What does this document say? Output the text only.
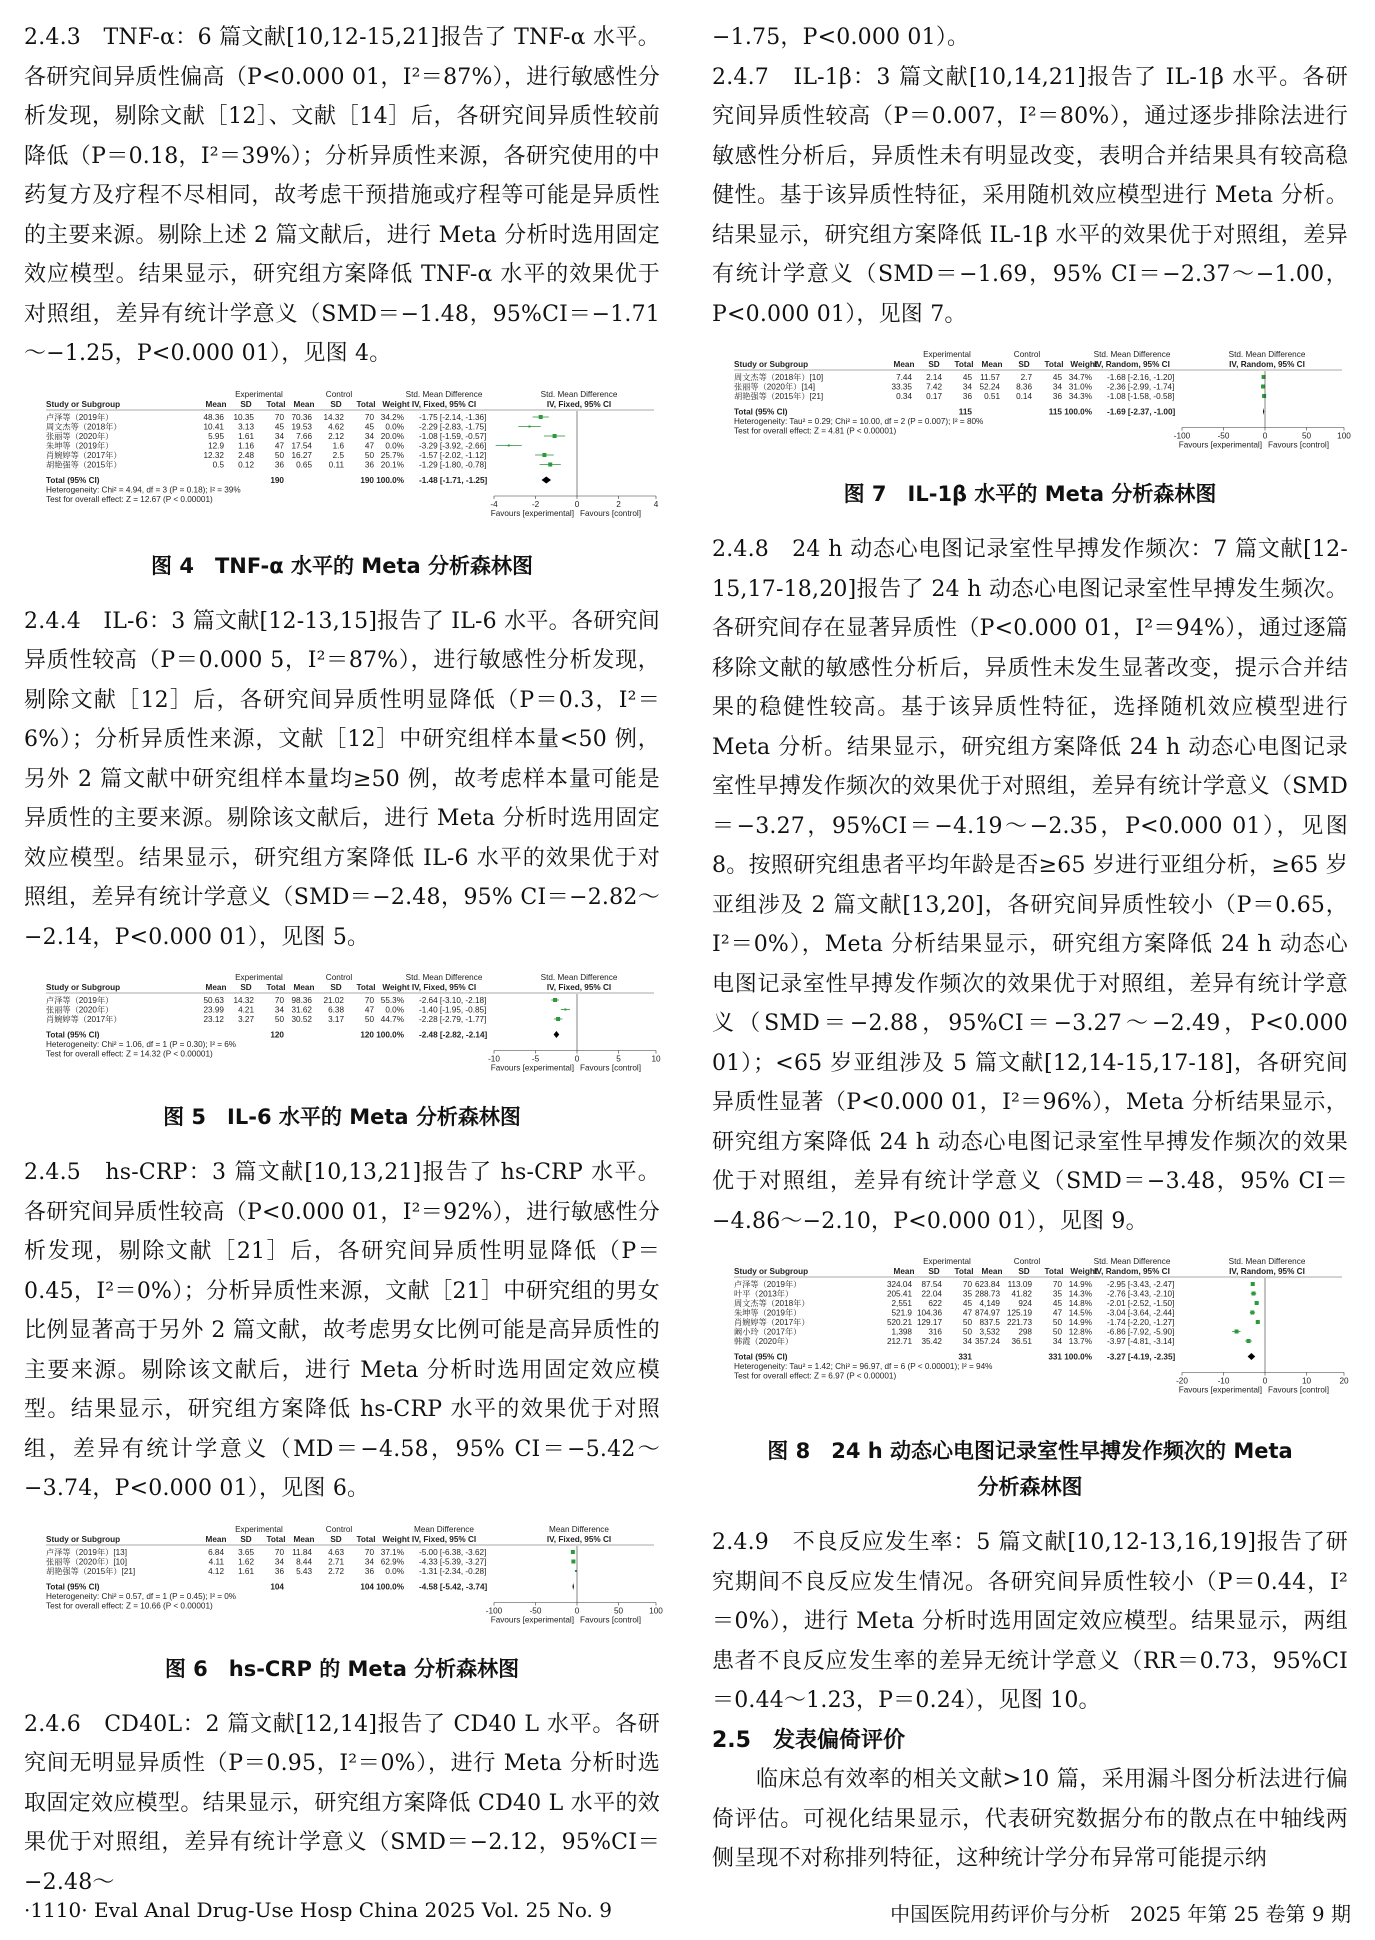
2.4.3　TNF-α：6 篇文献[10,12-15,21]报告了 TNF-α 水平。各研究间异质性偏高（P<0.000 01，I²＝87%），进行敏感性分析发现，剔除文献［12］、文献［14］后，各研究间异质性较前降低（P＝0.18，I²＝39%）；分析异质性来源，各研究使用的中药复方及疗程不尽相同，故考虑干预措施或疗程等可能是异质性的主要来源。剔除上述 2 篇文献后，进行 Meta 分析时选用固定效应模型。结果显示，研究组方案降低 TNF-α 水平的效果优于对照组，差异有统计学意义（SMD＝−1.48，95%CI＝−1.71～−1.25，P<0.000 01），见图 4。

Experimental	Control	Std. Mean Difference	Std. Mean Difference
Study or Subgroup	Mean SD Total Mean SD Total Weight IV, Fixed, 95% CI	IV, Fixed, 95% CI
卢泽等（2019年）	48.36 10.35	70 70.36 14.32	70 34.2% -1.75 [-2.14, -1.36]
周文杰等（2018年）	10.41 3.13	45 19.53 4.62	45 0.0% -2.29 [-2.83, -1.75]
张丽等（2020年）	5.95 1.61	34 7.66 2.12	34 20.0% -1.08 [-1.59, -0.57]
朱坤等（2019年）	12.9 1.16	47 17.54	1.6	47 0.0% -3.29 [-3.92, -2.66]
肖婉婷等（2017年）	12.32 2.48	50 16.27	2.5	50 25.7% -1.57 [-2.02, -1.12]
胡艳强等（2015年）	0.5 0.12	36 0.65 0.11	36 20.1% -1.29 [-1.80, -0.78]
Total (95% CI)	190	190 100.0% -1.48 [-1.71, -1.25]
Heterogeneity: Chi² = 4.94, df = 3 (P = 0.18); I² = 39%
Test for overall effect: Z = 12.67 (P < 0.00001)
-4	-2	0	2	4
Favours [experimental] Favours [control]
图 4　TNF-α 水平的 Meta 分析森林图

2.4.4　IL-6：3 篇文献[12-13,15]报告了 IL-6 水平。各研究间异质性较高（P＝0.000 5，I²＝87%），进行敏感性分析发现，剔除文献［12］后，各研究间异质性明显降低（P＝0.3，I²＝6%）；分析异质性来源，文献［12］中研究组样本量<50 例，另外 2 篇文献中研究组样本量均≥50 例，故考虑样本量可能是异质性的主要来源。剔除该文献后，进行 Meta 分析时选用固定效应模型。结果显示，研究组方案降低 IL-6 水平的效果优于对照组，差异有统计学意义（SMD＝−2.48，95% CI＝−2.82～−2.14，P<0.000 01），见图 5。

Experimental	Control	Std. Mean Difference	Std. Mean Difference
Study or Subgroup	Mean SD Total Mean SD Total Weight IV, Fixed, 95% CI	IV, Fixed, 95% CI
卢泽等（2019年）	50.63 14.32	70 98.36 21.02	70 55.3% -2.64 [-3.10, -2.18]
张丽等（2020年）	23.99 4.21	34 31.62 6.38	47 0.0% -1.40 [-1.95, -0.85]
肖婉婷等（2017年）	23.12 3.27	50 30.52 3.17	50 44.7% -2.28 [-2.79, -1.77]
Total (95% CI)	120	120 100.0% -2.48 [-2.82, -2.14]
Heterogeneity: Chi² = 1.06, df = 1 (P = 0.30); I² = 6%
Test for overall effect: Z = 14.32 (P < 0.00001)
-10	-5	0	5	10
Favours [experimental] Favours [control]
图 5　IL-6 水平的 Meta 分析森林图

2.4.5　hs-CRP：3 篇文献[10,13,21]报告了 hs-CRP 水平。各研究间异质性较高（P<0.000 01，I²＝92%），进行敏感性分析发现，剔除文献［21］后，各研究间异质性明显降低（P＝0.45，I²＝0%）；分析异质性来源，文献［21］中研究组的男女比例显著高于另外 2 篇文献，故考虑男女比例可能是高异质性的主要来源。剔除该文献后，进行 Meta 分析时选用固定效应模型。结果显示，研究组方案降低 hs-CRP 水平的效果优于对照组，差异有统计学意义（MD＝−4.58，95% CI＝−5.42～−3.74，P<0.000 01），见图 6。

Experimental	Control	Mean Difference	Mean Difference
Study or Subgroup	Mean SD Total Mean SD Total Weight IV, Fixed, 95% CI	IV, Fixed, 95% CI
卢泽等（2019年）[13]	6.84 3.65	70 11.84 4.63	70 37.1% -5.00 [-6.38, -3.62]
张丽等（2020年）[10]	4.11 1.62	34 8.44 2.71	34 62.9% -4.33 [-5.39, -3.27]
胡艳强等（2015年）[21]	4.12 1.61	36 5.43 2.72	36 0.0% -1.31 [-2.34, -0.28]
Total (95% CI)	104	104 100.0% -4.58 [-5.42, -3.74]
Heterogeneity: Chi² = 0.57, df = 1 (P = 0.45); I² = 0%
Test for overall effect: Z = 10.66 (P < 0.00001)
-100	-50	0	50	100
Favours [experimental] Favours [control]
图 6　hs-CRP 的 Meta 分析森林图

2.4.6　CD40L：2 篇文献[12,14]报告了 CD40 L 水平。各研究间无明显异质性（P＝0.95，I²＝0%），进行 Meta 分析时选取固定效应模型。结果显示，研究组方案降低 CD40 L 水平的效果优于对照组，差异有统计学意义（SMD＝−2.12，95%CI＝−2.48～

−1.75，P<0.000 01）。

2.4.7　IL-1β：3 篇文献[10,14,21]报告了 IL-1β 水平。各研究间异质性较高（P＝0.007，I²＝80%），通过逐步排除法进行敏感性分析后，异质性未有明显改变，表明合并结果具有较高稳健性。基于该异质性特征，采用随机效应模型进行 Meta 分析。结果显示，研究组方案降低 IL-1β 水平的效果优于对照组，差异有统计学意义（SMD＝−1.69，95% CI＝−2.37～−1.00，P<0.000 01），见图 7。

Experimental	Control	Std. Mean Difference	Std. Mean Difference
Study or Subgroup	Mean SD Total Mean SD Total Weight
IV, Random, 95% CI	IV, Random, 95% CI
周文杰等（2018年）[10]	7.44 2.14	45 11.57	2.7	45 34.7% -1.68 [-2.16, -1.20]
张丽等（2020年）[14]	33.35 7.42	34 52.24 8.36	34 31.0% -2.36 [-2.99, -1.74]
胡艳强等（2015年）[21]	0.34 0.17	36 0.51 0.14	36 34.3% -1.08 [-1.58, -0.58]
Total (95% CI)	115	115 100.0% -1.69 [-2.37, -1.00]
Heterogeneity: Tau² = 0.29; Chi² = 10.00, df = 2 (P = 0.007); I² = 80%
Test for overall effect: Z = 4.81 (P < 0.00001)
-100	-50	0	50	100
Favours [experimental] Favours [control]
图 7　IL-1β 水平的 Meta 分析森林图

2.4.8　24 h 动态心电图记录室性早搏发作频次：7 篇文献[12-15,17-18,20]报告了 24 h 动态心电图记录室性早搏发生频次。各研究间存在显著异质性（P<0.000 01，I²＝94%），通过逐篇移除文献的敏感性分析后，异质性未发生显著改变，提示合并结果的稳健性较高。基于该异质性特征，选择随机效应模型进行 Meta 分析。结果显示，研究组方案降低 24 h 动态心电图记录室性早搏发作频次的效果优于对照组，差异有统计学意义（SMD＝−3.27，95%CI＝−4.19～−2.35，P<0.000 01），见图 8。按照研究组患者平均年龄是否≥65 岁进行亚组分析，≥65 岁亚组涉及 2 篇文献[13,20]，各研究间异质性较小（P＝0.65，I²＝0%），Meta 分析结果显示，研究组方案降低 24 h 动态心电图记录室性早搏发作频次的效果优于对照组，差异有统计学意义（SMD＝−2.88，95%CI＝−3.27～−2.49，P<0.000 01）；<65 岁亚组涉及 5 篇文献[12,14-15,17-18]，各研究间异质性显著（P<0.000 01，I²＝96%），Meta 分析结果显示，研究组方案降低 24 h 动态心电图记录室性早搏发作频次的效果优于对照组，差异有统计学意义（SMD＝−3.48，95% CI＝−4.86～−2.10，P<0.000 01），见图 9。

Experimental	Control	Std. Mean Difference	Std. Mean Difference
Study or Subgroup	Mean SD Total Mean SD Total Weight
IV, Random, 95% CI	IV, Random, 95% CI
卢泽等（2019年）	324.04 87.54	70 623.84 113.09	70 14.9% -2.95 [-3.43, -2.47]
叶平（2013年）	205.41 22.04	35 288.73 41.82	35 14.3% -2.76 [-3.43, -2.10]
周文杰等（2018年）	2,551 622	45 4,149 924	45 14.8% -2.01 [-2.52, -1.50]
朱坤等（2019年）	521.9 104.36	47 874.97 125.19	47 14.5% -3.04 [-3.64, -2.44]
肖婉婷等（2017年）	520.21 129.17	50 837.5 221.73	50 14.9% -1.74 [-2.20, -1.27]
阚小玲（2017年）	1,398 316	50 3,532 298	50 12.8% -6.86 [-7.92, -5.90]
韩霞（2020年）	212.71 35.42	34 357.24 36.51	34 13.7% -3.97 [-4.81, -3.14]
Total (95% CI)	331	331 100.0% -3.27 [-4.19, -2.35]
Heterogeneity: Tau² = 1.42; Chi² = 96.97, df = 6 (P < 0.00001); I² = 94%
Test for overall effect: Z = 6.97 (P < 0.00001)
-20	-10	0	10	20
Favours [experimental] Favours [control]
图 8　24 h 动态心电图记录室性早搏发作频次的 Meta
分析森林图

2.4.9　不良反应发生率：5 篇文献[10,12-13,16,19]报告了研究期间不良反应发生情况。各研究间异质性较小（P＝0.44，I²＝0%），进行 Meta 分析时选用固定效应模型。结果显示，两组患者不良反应发生率的差异无统计学意义（RR＝0.73，95%CI＝0.44～1.23，P＝0.24），见图 10。

2.5　发表偏倚评价

临床总有效率的相关文献>10 篇，采用漏斗图分析法进行偏倚评估。可视化结果显示，代表研究数据分布的散点在中轴线两侧呈现不对称排列特征，这种统计学分布异常可能提示纳

·1110· Eval Anal Drug-Use Hosp China 2025 Vol. 25 No. 9	中国医院用药评价与分析　2025 年第 25 卷第 9 期
